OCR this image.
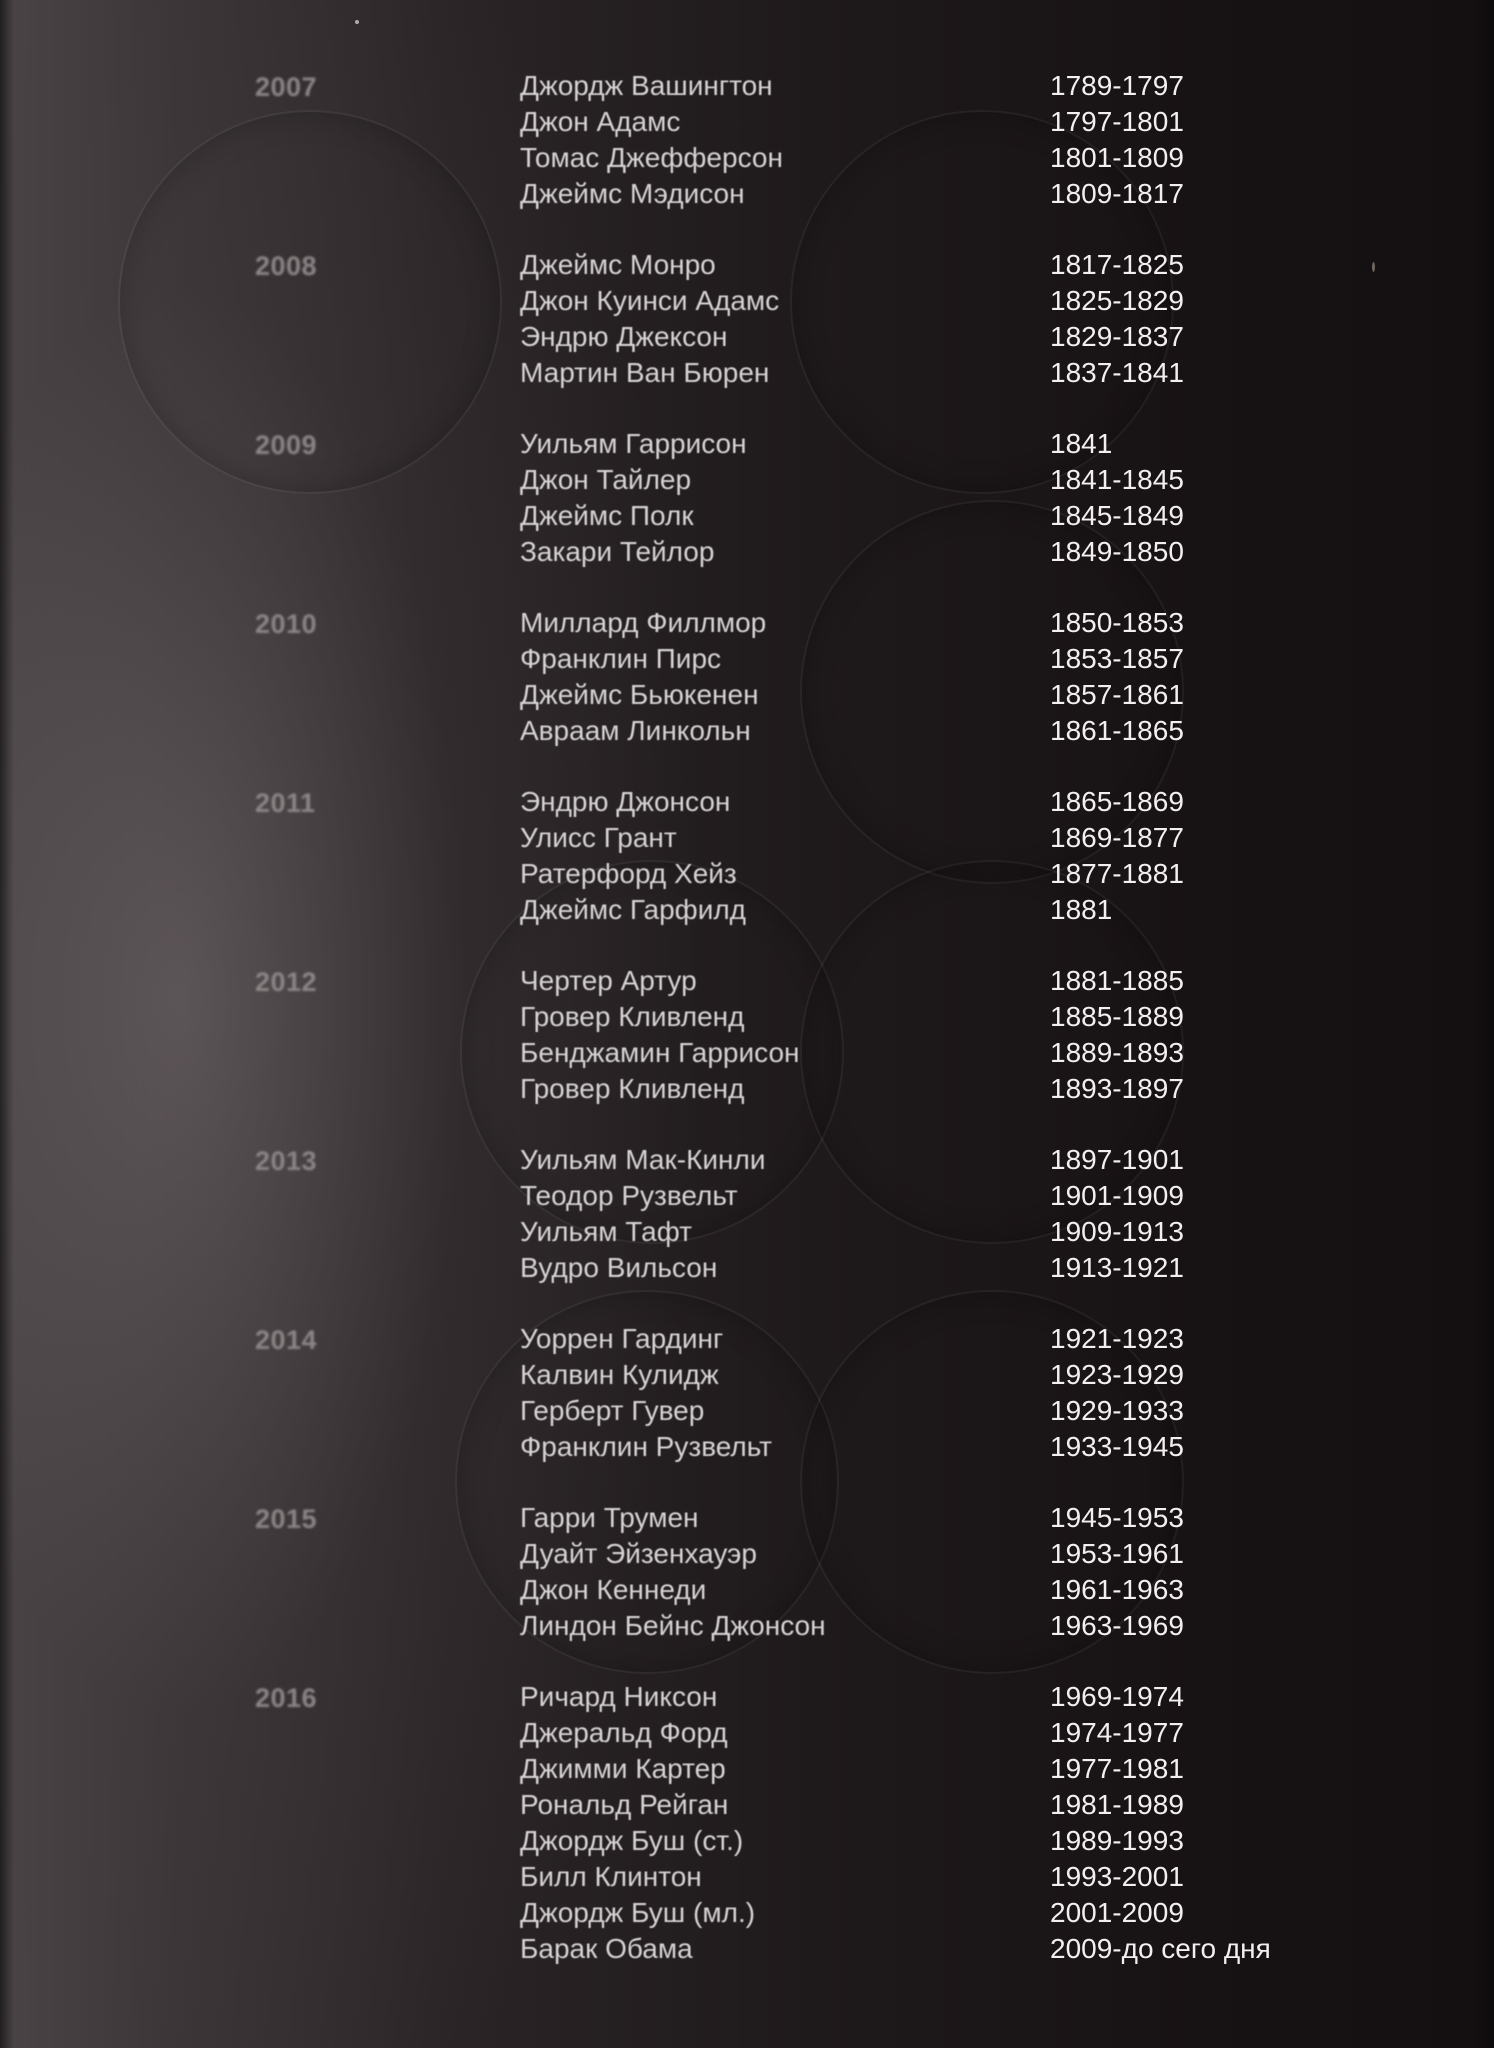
2007	Джордж Вашингтон	1789-1797
Джон Адамс	1797-1801
Томас Джефферсон	1801-1809
Джеймс Мэдисон	1809-1817
2008	Джеймс Монро	1817-1825
Джон Куинси Адамс	1825-1829
Эндрю Джексон	1829-1837
Мартин Ван Бюрен	1837-1841
2009	Уильям Гаррисон	1841
Джон Тайлер	1841-1845
Джеймс Полк	1845-1849
Закари Тейлор	1849-1850
2010	Миллард Филлмор	1850-1853
Франклин Пирс	1853-1857
Джеймс Бьюкенен	1857-1861
Авраам Линкольн	1861-1865
2011	Эндрю Джонсон	1865-1869
Улисс Грант	1869-1877
Ратерфорд Хейз	1877-1881
Джеймс Гарфилд	1881
2012	Чертер Артур	1881-1885
Гровер Кливленд	1885-1889
Бенджамин Гаррисон	1889-1893
Гровер Кливленд	1893-1897
2013	Уильям Мак-Кинли	1897-1901
Теодор Рузвельт	1901-1909
Уильям Тафт	1909-1913
Вудро Вильсон	1913-1921
2014	Уоррен Гардинг	1921-1923
Калвин Кулидж	1923-1929
Герберт Гувер	1929-1933
Франклин Рузвельт	1933-1945
2015	Гарри Трумен	1945-1953
Дуайт Эйзенхауэр	1953-1961
Джон Кеннеди	1961-1963
Линдон Бейнс Джонсон	1963-1969
2016	Ричард Никсон	1969-1974
Джеральд Форд	1974-1977
Джимми Картер	1977-1981
Рональд Рейган	1981-1989
Джордж Буш (ст.)	1989-1993
Билл Клинтон	1993-2001
Джордж Буш (мл.)	2001-2009
Барак Обама	2009-до сего дня
